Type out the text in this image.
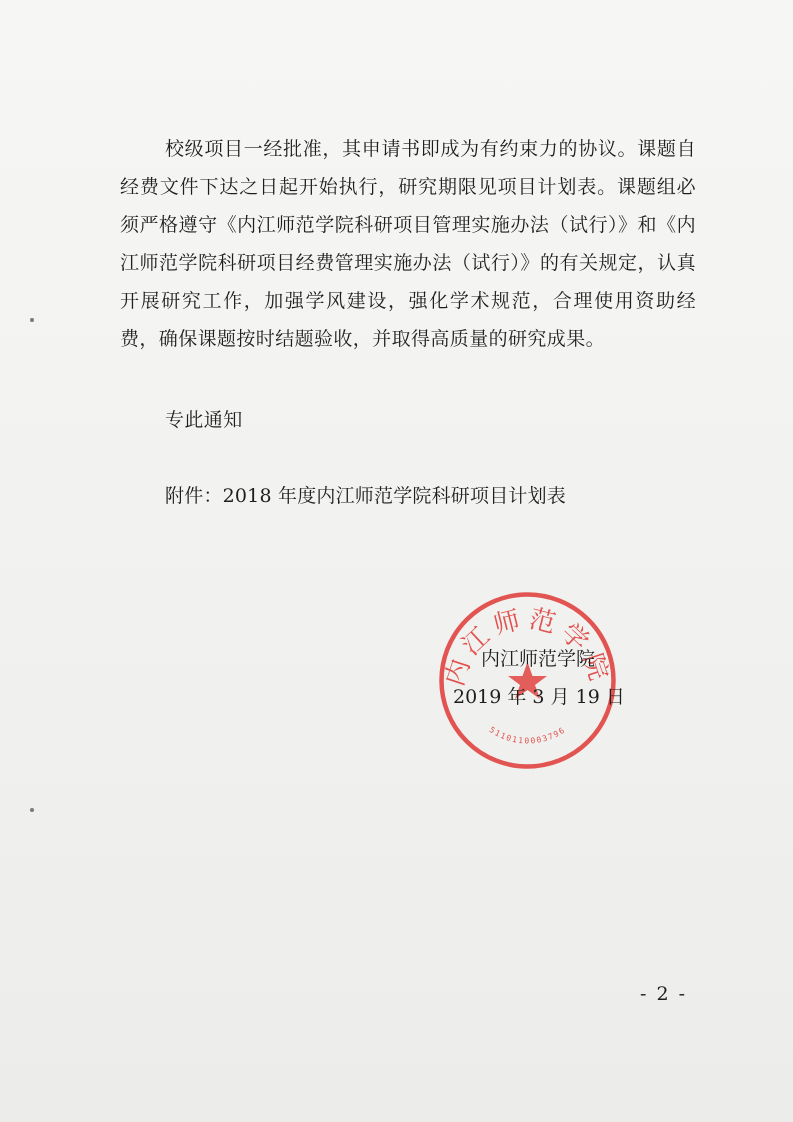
校级项目一经批准，其申请书即成为有约束力的协议。课题自经费文件下达之日起开始执行，研究期限见项目计划表。课题组必须严格遵守《内江师范学院科研项目管理实施办法（试行）》和《内江师范学院科研项目经费管理实施办法（试行）》的有关规定，认真开展研究工作，加强学风建设，强化学术规范，合理使用资助经费，确保课题按时结题验收，并取得高质量的研究成果。

专此通知
附件：2018 年度内江师范学院科研项目计划表
内江师范学院
5110110003796
内江师范学院
2019 年 3 月 19 日
- 2 -
